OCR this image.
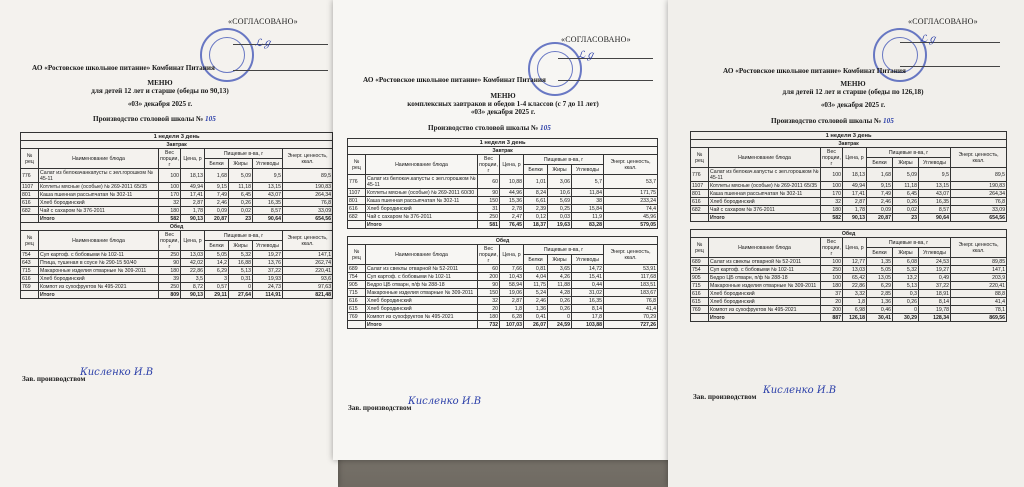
«СОГЛАСОВАНО»
ℒℊ
АО «Ростовское школьное питание» Комбинат Питания
МЕНЮ
для детей 12 лет и старше (обеды по 90,13)
«03» декабря 2025 г.
Производство столовой школы № 105
1 неделя 3 день							
Завтрак							
№ рец	Наименование блюда	Вес порции, г	Цена, р	Пищевые в-ва, г			Энерг. ценность, ккал.
				Белки	Жиры	Углеводы	
776	Салат из белокачанкапусты с зел.горошком № 45-11	100	18,13	1,68	5,09	9,5	89,5
1107	Котлеты мясные (особые) № 269-2011 65/35	100	49,94	9,15	11,18	13,15	190,83
801	Каша пшенная рассыпчатая № 302-11	170	17,41	7,49	6,45	43,07	264,34
616	Хлеб бородинский	32	2,87	2,46	0,26	16,35	76,8
682	Чай с сахаром № 376-2011	180	1,78	0,09	0,02	8,57	33,09
	Итого	582	90,13	20,87	23	90,64	654,56
Обед							
№ рец	Наименование блюда	Вес порции, г	Цена, р	Пищевые в-ва, г			Энерг. ценность, ккал.
				Белки	Жиры	Углеводы	
754	Суп картоф. с бобовыми № 102-11	250	13,03	5,05	5,32	19,27	147,1
643	Птица, тушеная в соусе № 290-15 50/40	90	42,02	14,2	16,88	13,76	262,74
715	Макаронные изделия отварные № 309-2011	180	22,86	6,29	5,13	37,22	220,41
616	Хлеб бородинский	39	3,5	3	0,31	19,93	93,6
769	Компот из сухофруктов № 495-2021	250	8,72	0,57	0	24,73	97,63
	Итого	809	90,13	29,11	27,64	114,91	821,48
Зав. производством
Кисленко И.В
«СОГЛАСОВАНО»
ℒℊ
АО «Ростовское школьное питание» Комбинат Питания
МЕНЮ
комплексных завтраков и обедов 1-4 классов (с 7 до 11 лет)
«03» декабря 2025 г.
Производство столовой школы № 105
1 неделя 3 день							
Завтрак							
№ рец	Наименование блюда	Вес порции, г	Цена, р	Пищевые в-ва, г			Энерг. ценность, ккал.
				Белки	Жиры	Углеводы	
776	Салат из белокач.капусты с зел.горошком № 45-11	60	10,88	1,01	3,06	5,7	53,7
1107	Котлеты мясные (особые) № 269-2011 60/30	90	44,96	8,24	10,6	11,84	171,75
801	Каша пшенная рассыпчатая № 302-11	150	15,36	6,61	5,69	38	233,24
616	Хлеб бородинский	31	2,78	2,39	0,25	15,84	74,4
682	Чай с сахаром № 376-2011	250	2,47	0,12	0,03	11,9	45,96
	Итого	581	76,45	18,37	19,63	83,28	579,05

Обед							
№ рец	Наименование блюда	Вес порции, г	Цена, р	Пищевые в-ва, г			Энерг. ценность, ккал.
				Белки	Жиры	Углеводы	
689	Салат из свеклы отварной № 52-2011	60	7,66	0,81	3,65	14,72	53,91
754	Суп картоф. с бобовыми № 102-11	200	10,43	4,04	4,26	15,41	117,68
905	Бедро ЦБ отварн, п/ф № 288-18	90	58,94	11,75	11,88	0,44	183,51
715	Макаронные изделия отварные № 309-2011	150	19,06	5,24	4,28	31,02	183,67
616	Хлеб бородинский	32	2,87	2,46	0,26	16,35	76,8
615	Хлеб бородинский	20	1,8	1,36	0,26	8,14	41,4
769	Компот из сухофруктов № 495-2021	180	6,28	0,41	0	17,8	70,29
	Итого	732	107,03	26,07	24,59	103,88	727,26
Зав. производством
Кисленко И.В
«СОГЛАСОВАНО»
ℒℊ
АО «Ростовское школьное питание» Комбинат Питания
МЕНЮ
для детей 12 лет и старше (обеды по 126,18)
«03» декабря 2025 г.
Производство столовой школы № 105
1 неделя 3 день							
Завтрак							
№ рец	Наименование блюда	Вес порции, г	Цена, р	Пищевые в-ва, г			Энерг. ценность, ккал.
				Белки	Жиры	Углеводы	
776	Салат из белокач.капусты с зел.горошком № 45-11	100	18,13	1,68	5,09	9,5	89,5
1107	Котлеты мясные (особые) № 269-2011 65/35	100	49,94	9,15	11,18	13,15	190,83
801	Каша пшенная рассыпчатая № 302-11	170	17,41	7,49	6,45	43,07	264,34
616	Хлеб бородинский	32	2,87	2,46	0,26	16,35	76,8
682	Чай с сахаром № 376-2011	180	1,78	0,09	0,02	8,57	33,09
	Итого	582	90,13	20,87	23	90,64	654,56

Обед							
№ рец	Наименование блюда	Вес порции, г	Цена, р	Пищевые в-ва, г			Энерг. ценность, ккал.
				Белки	Жиры	Углеводы	
689	Салат из свеклы отварной № 52-2011	100	12,77	1,35	6,08	24,53	89,85
754	Суп картоф. с бобовыми № 102-11	250	13,03	5,05	5,32	19,27	147,1
905	Бедро ЦБ отварн, п/ф № 288-18	100	65,42	13,05	13,2	0,49	203,9
715	Макаронные изделия отварные № 309-2011	180	22,86	6,29	5,13	37,22	220,41
616	Хлеб бородинский	37	3,32	2,85	0,3	18,91	88,8
615	Хлеб бородинский	20	1,8	1,36	0,26	8,14	41,4
769	Компот из сухофруктов № 495-2021	200	6,98	0,46	0	19,78	78,1
	Итого	887	126,18	30,41	30,29	128,34	869,56
Зав. производством
Кисленко И.В
